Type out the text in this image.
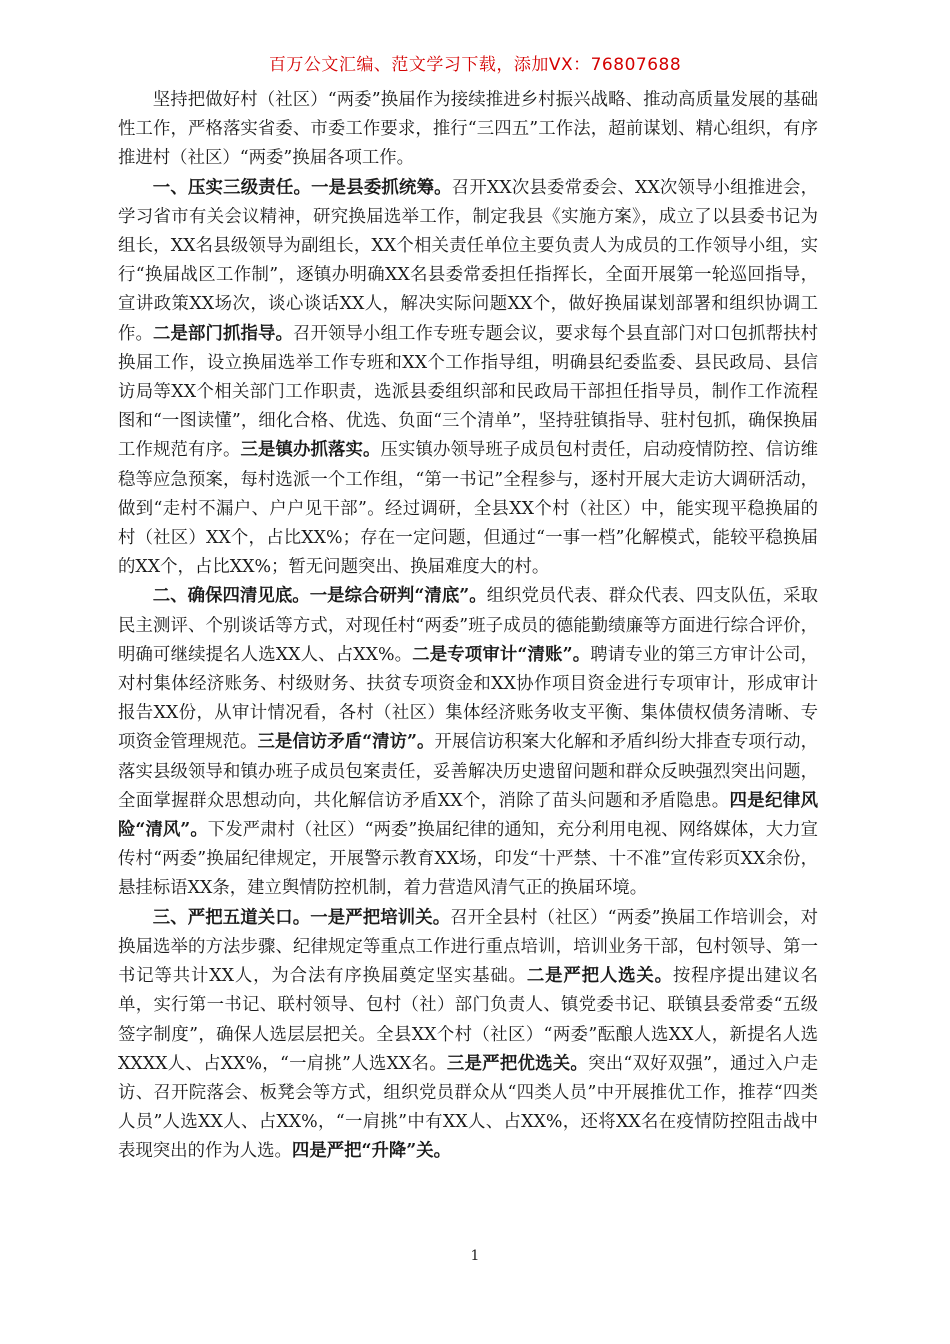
百万公文汇编、范文学习下载，添加VX：76807688

坚持把做好村（社区）“两委”换届作为接续推进乡村振兴战略、推动高质量发展的基础性工作，严格落实省委、市委工作要求，推行“三四五”工作法，超前谋划、精心组织，有序推进村（社区）“两委”换届各项工作。

一、压实三级责任。一是县委抓统筹。召开XX次县委常委会、XX次领导小组推进会，学习省市有关会议精神，研究换届选举工作，制定我县《实施方案》，成立了以县委书记为组长，XX名县级领导为副组长，XX个相关责任单位主要负责人为成员的工作领导小组，实行“换届战区工作制”，逐镇办明确XX名县委常委担任指挥长，全面开展第一轮巡回指导，宣讲政策XX场次，谈心谈话XX人，解决实际问题XX个，做好换届谋划部署和组织协调工作。二是部门抓指导。召开领导小组工作专班专题会议，要求每个县直部门对口包抓帮扶村换届工作，设立换届选举工作专班和XX个工作指导组，明确县纪委监委、县民政局、县信访局等XX个相关部门工作职责，选派县委组织部和民政局干部担任指导员，制作工作流程图和“一图读懂”，细化合格、优选、负面“三个清单”，坚持驻镇指导、驻村包抓，确保换届工作规范有序。三是镇办抓落实。压实镇办领导班子成员包村责任，启动疫情防控、信访维稳等应急预案，每村选派一个工作组，“第一书记”全程参与，逐村开展大走访大调研活动，做到“走村不漏户、户户见干部”。经过调研，全县XX个村（社区）中，能实现平稳换届的村（社区）XX个，占比XX%；存在一定问题，但通过“一事一档”化解模式，能较平稳换届的XX个，占比XX%；暂无问题突出、换届难度大的村。

二、确保四清见底。一是综合研判“清底”。组织党员代表、群众代表、四支队伍，采取民主测评、个别谈话等方式，对现任村“两委”班子成员的德能勤绩廉等方面进行综合评价，明确可继续提名人选XX人、占XX%。二是专项审计“清账”。聘请专业的第三方审计公司，对村集体经济账务、村级财务、扶贫专项资金和XX协作项目资金进行专项审计，形成审计报告XX份，从审计情况看，各村（社区）集体经济账务收支平衡、集体债权债务清晰、专项资金管理规范。三是信访矛盾“清访”。开展信访积案大化解和矛盾纠纷大排查专项行动，落实县级领导和镇办班子成员包案责任，妥善解决历史遗留问题和群众反映强烈突出问题，全面掌握群众思想动向，共化解信访矛盾XX个，消除了苗头问题和矛盾隐患。四是纪律风险“清风”。下发严肃村（社区）“两委”换届纪律的通知，充分利用电视、网络媒体，大力宣传村“两委”换届纪律规定，开展警示教育XX场，印发“十严禁、十不准”宣传彩页XX余份，悬挂标语XX条，建立舆情防控机制，着力营造风清气正的换届环境。

三、严把五道关口。一是严把培训关。召开全县村（社区）“两委”换届工作培训会，对换届选举的方法步骤、纪律规定等重点工作进行重点培训，培训业务干部，包村领导、第一书记等共计XX人，为合法有序换届奠定坚实基础。二是严把人选关。按程序提出建议名单，实行第一书记、联村领导、包村（社）部门负责人、镇党委书记、联镇县委常委“五级签字制度”，确保人选层层把关。全县XX个村（社区）“两委”酝酿人选XX人，新提名人选XXXX人、占XX%，“一肩挑”人选XX名。三是严把优选关。突出“双好双强”，通过入户走访、召开院落会、板凳会等方式，组织党员群众从“四类人员”中开展推优工作，推荐“四类人员”人选XX人、占XX%，“一肩挑”中有XX人、占XX%，还将XX名在疫情防控阻击战中表现突出的作为人选。四是严把“升降”关。

1
